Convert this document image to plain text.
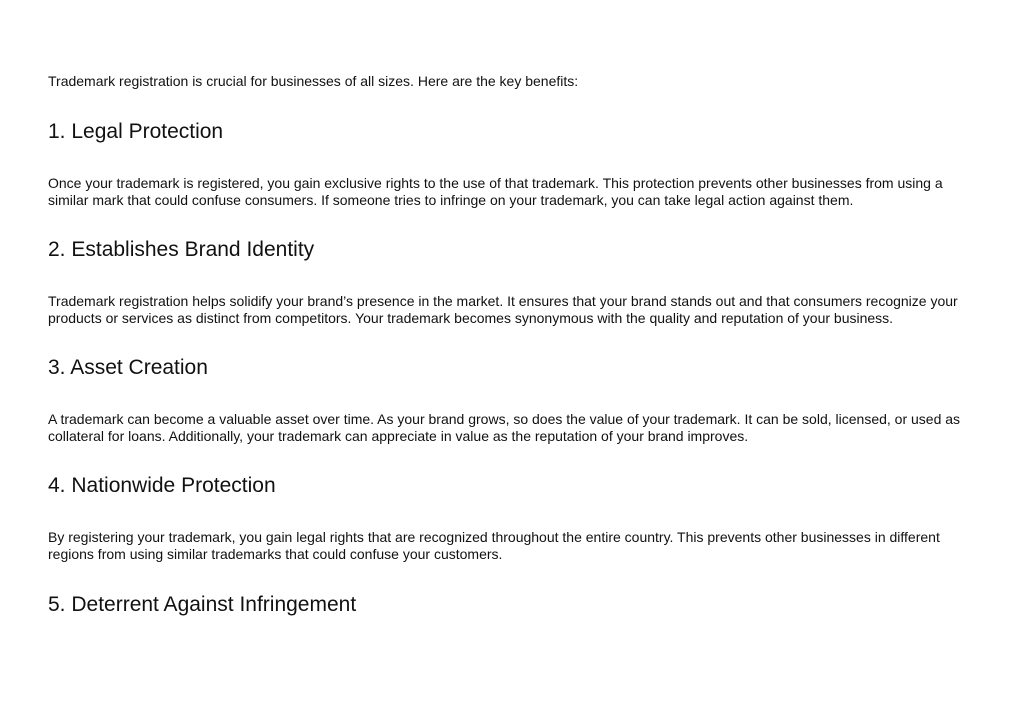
Trademark registration is crucial for businesses of all sizes. Here are the key benefits:

1. Legal Protection

Once your trademark is registered, you gain exclusive rights to the use of that trademark. This protection prevents other businesses from using a similar mark that could confuse consumers. If someone tries to infringe on your trademark, you can take legal action against them.

2. Establishes Brand Identity

Trademark registration helps solidify your brand’s presence in the market. It ensures that your brand stands out and that consumers recognize your products or services as distinct from competitors. Your trademark becomes synonymous with the quality and reputation of your business.

3. Asset Creation

A trademark can become a valuable asset over time. As your brand grows, so does the value of your trademark. It can be sold, licensed, or used as collateral for loans. Additionally, your trademark can appreciate in value as the reputation of your brand improves.

4. Nationwide Protection

By registering your trademark, you gain legal rights that are recognized throughout the entire country. This prevents other businesses in different regions from using similar trademarks that could confuse your customers.

5. Deterrent Against Infringement
